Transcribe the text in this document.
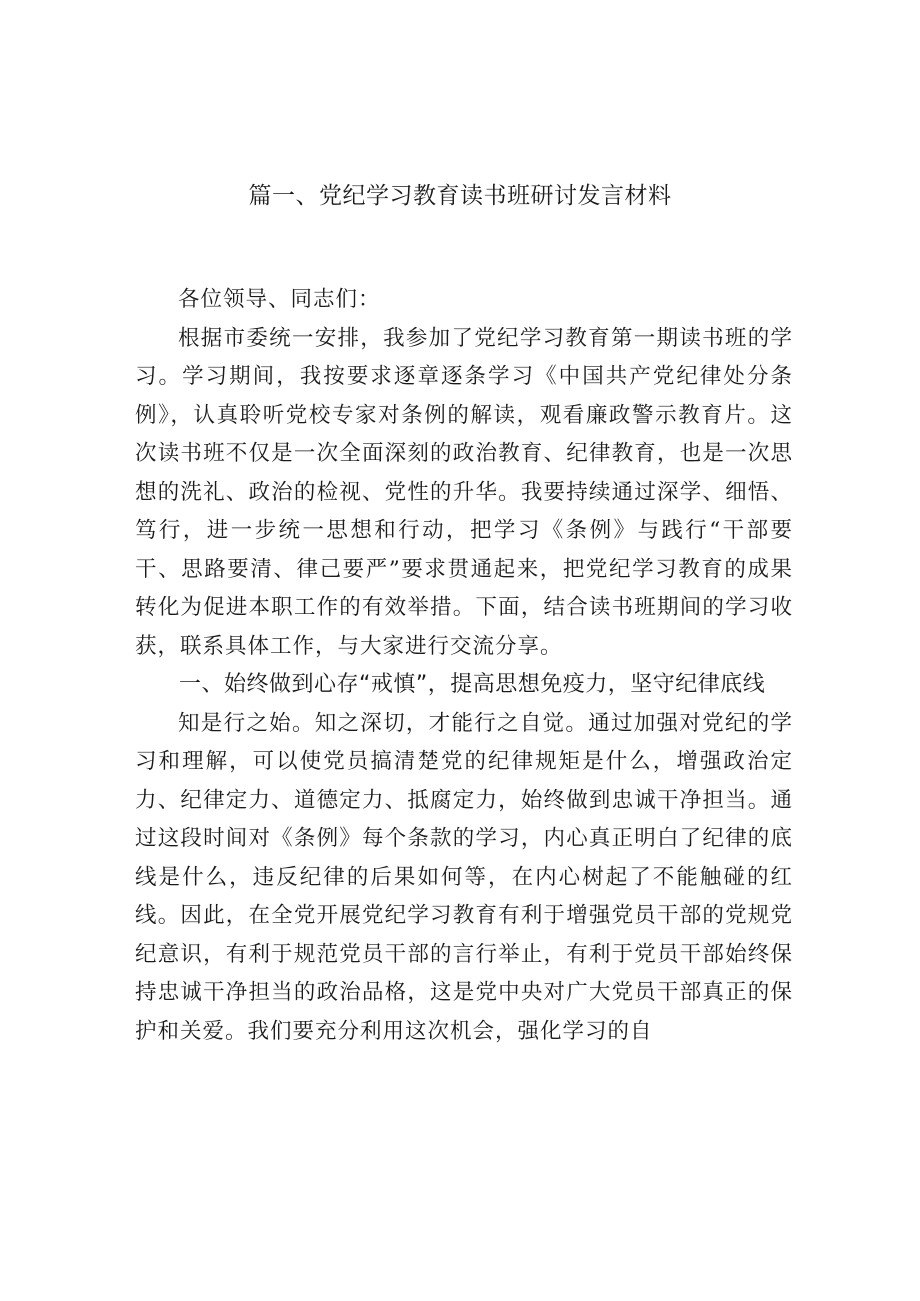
篇一、党纪学习教育读书班研讨发言材料

各位领导、同志们：

根据市委统一安排，我参加了党纪学习教育第一期读书班的学习。学习期间，我按要求逐章逐条学习《中国共产党纪律处分条例》，认真聆听党校专家对条例的解读，观看廉政警示教育片。这次读书班不仅是一次全面深刻的政治教育、纪律教育，也是一次思想的洗礼、政治的检视、党性的升华。我要持续通过深学、细悟、笃行，进一步统一思想和行动，把学习《条例》与践行“干部要干、思路要清、律己要严”要求贯通起来，把党纪学习教育的成果转化为促进本职工作的有效举措。下面，结合读书班期间的学习收获，联系具体工作，与大家进行交流分享。

一、始终做到心存“戒慎”，提高思想免疫力，坚守纪律底线

知是行之始。知之深切，才能行之自觉。通过加强对党纪的学习和理解，可以使党员搞清楚党的纪律规矩是什么，增强政治定力、纪律定力、道德定力、抵腐定力，始终做到忠诚干净担当。通过这段时间对《条例》每个条款的学习，内心真正明白了纪律的底线是什么，违反纪律的后果如何等，在内心树起了不能触碰的红线。因此，在全党开展党纪学习教育有利于增强党员干部的党规党纪意识，有利于规范党员干部的言行举止，有利于党员干部始终保持忠诚干净担当的政治品格，这是党中央对广大党员干部真正的保护和关爱。我们要充分利用这次机会，强化学习的自
